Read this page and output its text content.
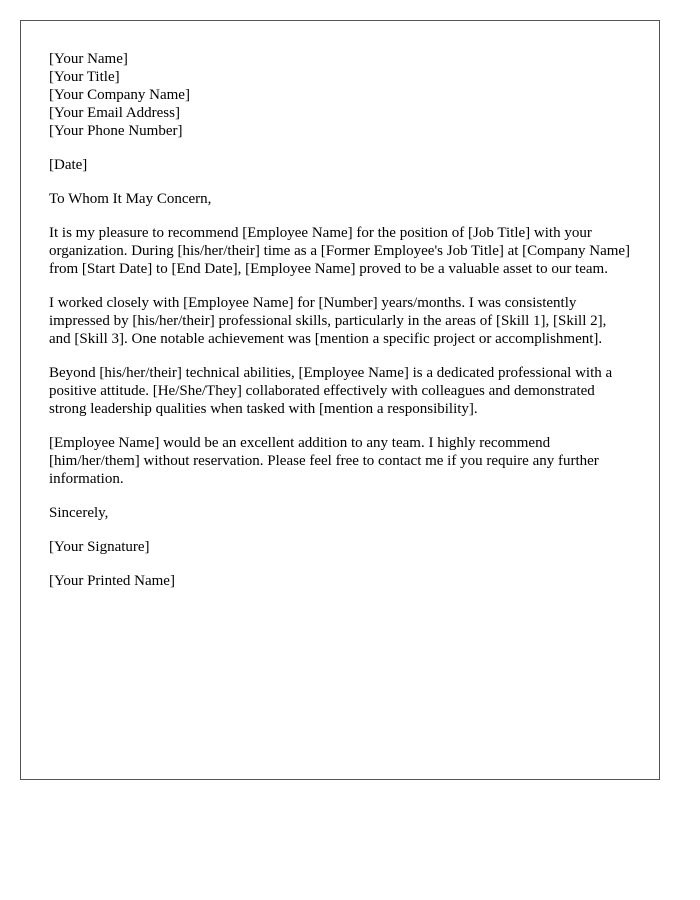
[Your Name]
[Your Title]
[Your Company Name]
[Your Email Address]
[Your Phone Number]

[Date]

To Whom It May Concern,

It is my pleasure to recommend [Employee Name] for the position of [Job Title] with your organization. During [his/her/their] time as a [Former Employee's Job Title] at [Company Name] from [Start Date] to [End Date], [Employee Name] proved to be a valuable asset to our team.

I worked closely with [Employee Name] for [Number] years/months. I was consistently impressed by [his/her/their] professional skills, particularly in the areas of [Skill 1], [Skill 2], and [Skill 3]. One notable achievement was [mention a specific project or accomplishment].

Beyond [his/her/their] technical abilities, [Employee Name] is a dedicated professional with a positive attitude. [He/She/They] collaborated effectively with colleagues and demonstrated strong leadership qualities when tasked with [mention a responsibility].

[Employee Name] would be an excellent addition to any team. I highly recommend [him/her/them] without reservation. Please feel free to contact me if you require any further information.

Sincerely,

[Your Signature]

[Your Printed Name]
